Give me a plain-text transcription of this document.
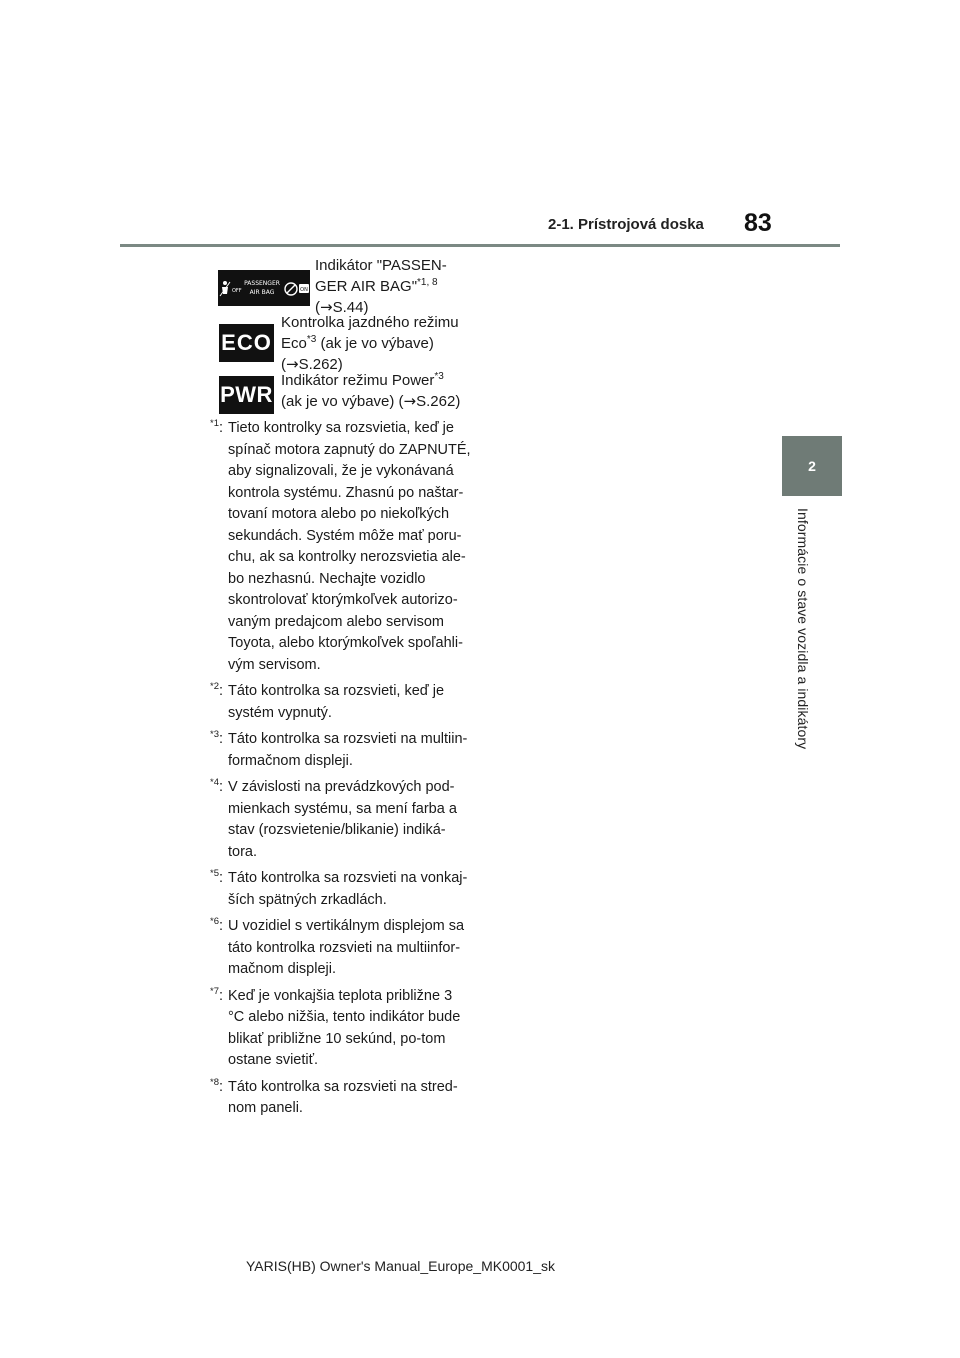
2-1. Prístrojová doska 83
2
Informácie o stave vozidla a indikátory
OFF
PASSENGER
AIR BAG	ON
Indikátor "PASSEN-
GER AIR BAG"$^{*1, 8}$
(→S.44)
ECO
Kontrolka jazdného režimu
Eco$^{*3}$ (ak je vo výbave)
(→S.262)
PWR
Indikátor režimu Power$^{*3}$
(ak je vo výbave) (→S.262)
$^{*1}$: Tieto kontrolky sa rozsvietia, keď je spínač motora zapnutý do ZAPNUTÉ, aby signalizovali, že je vykonávaná kontrola systému. Zhasnú po naštar-tovaní motora alebo po niekoľkých sekundách. Systém môže mať poru-chu, ak sa kontrolky nerozsvietia ale-bo nezhasnú. Nechajte vozidlo skontrolovať ktorýmkoľvek autorizo-vaným predajcom alebo servisom Toyota, alebo ktorýmkoľvek spoľahli-vým servisom.
$^{*2}$: Táto kontrolka sa rozsvieti, keď je systém vypnutý.
$^{*3}$: Táto kontrolka sa rozsvieti na multiin-formačnom displeji.
$^{*4}$: V závislosti na prevádzkových pod-mienkach systému, sa mení farba a stav (rozsvietenie/blikanie) indiká-tora.
$^{*5}$: Táto kontrolka sa rozsvieti na vonkaj-ších spätných zrkadlách.
$^{*6}$: U vozidiel s vertikálnym displejom sa táto kontrolka rozsvieti na multiinfor-mačnom displeji.
$^{*7}$: Keď je vonkajšia teplota približne 3 °C alebo nižšia, tento indikátor bude blikať približne 10 sekúnd, po-tom ostane svietiť.
$^{*8}$: Táto kontrolka sa rozsvieti na stred-nom paneli.
YARIS(HB) Owner's Manual_Europe_MK0001_sk
